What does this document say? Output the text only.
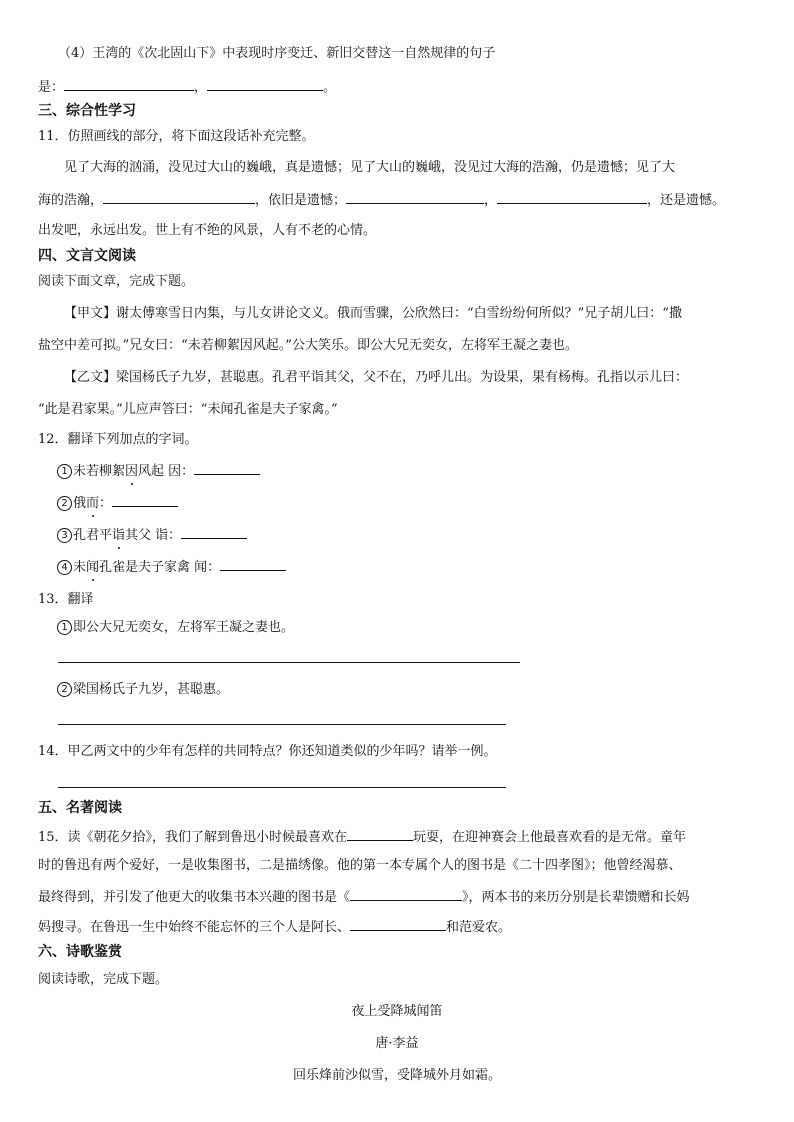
（4）王湾的《次北固山下》中表现时序变迁、新旧交替这一自然规律的句子
是：	，	。
三、综合性学习
11．仿照画线的部分，将下面这段话补充完整。
见了大海的汹涌，没见过大山的巍峨，真是遗憾；见了大山的巍峨，没见过大海的浩瀚，仍是遗憾；见了大
海的浩瀚，	，依旧是遗憾；	，	，还是遗憾。
出发吧，永远出发。世上有不绝的风景，人有不老的心情。
四、文言文阅读
阅读下面文章，完成下题。
【甲文】谢太傅寒雪日内集，与儿女讲论文义。俄而雪骤，公欣然曰：“白雪纷纷何所似？”兄子胡儿曰：“撒
盐空中差可拟。”兄女曰：“未若柳絮因风起。”公大笑乐。即公大兄无奕女，左将军王凝之妻也。
【乙文】梁国杨氏子九岁，甚聪惠。孔君平诣其父，父不在，乃呼儿出。为设果，果有杨梅。孔指以示儿曰：
“此是君家果。”儿应声答曰：“未闻孔雀是夫子家禽。”
12．翻译下列加点的字词。
1 未若柳絮因风起 因：
2 俄而：
3 孔君平诣其父 诣：
4 未闻孔雀是夫子家禽 闻：
13．翻译
1 即公大兄无奕女，左将军王凝之妻也。
2 梁国杨氏子九岁，甚聪惠。
14．甲乙两文中的少年有怎样的共同特点？你还知道类似的少年吗？请举一例。
五、名著阅读
15．读《朝花夕拾》，我们了解到鲁迅小时候最喜欢在	玩耍，在迎神赛会上他最喜欢看的是无常。童年
时的鲁迅有两个爱好，一是收集图书，二是描绣像。他的第一本专属个人的图书是《二十四孝图》；他曾经渴慕、
最终得到，并引发了他更大的收集书本兴趣的图书是《	》，两本书的来历分别是长辈馈赠和长妈
妈搜寻。在鲁迅一生中始终不能忘怀的三个人是阿长、	和范爱农。
六、诗歌鉴赏
阅读诗歌，完成下题。
夜上受降城闻笛
唐·李益
回乐烽前沙似雪，受降城外月如霜。
